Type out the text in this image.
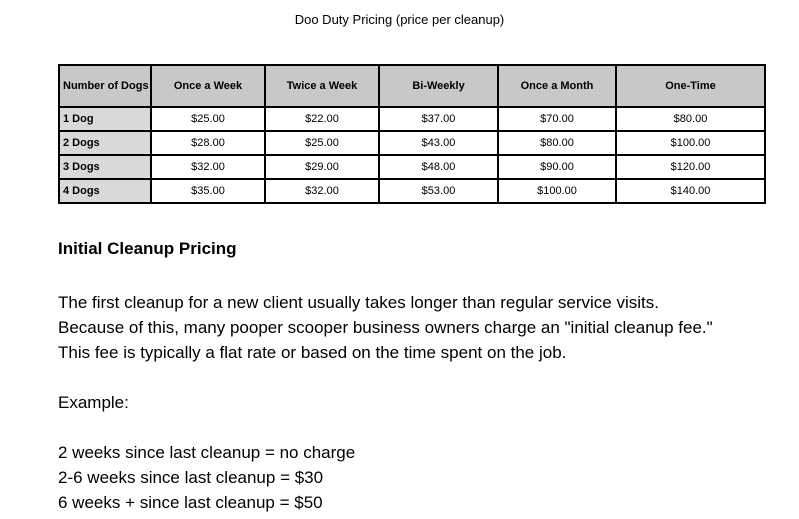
Doo Duty Pricing (price per cleanup)
Number of Dogs	Once a Week	Twice a Week	Bi-Weekly	Once a Month	One-Time
1 Dog	$25.00	$22.00	$37.00	$70.00	$80.00
2 Dogs	$28.00	$25.00	$43.00	$80.00	$100.00
3 Dogs	$32.00	$29.00	$48.00	$90.00	$120.00
4 Dogs	$35.00	$32.00	$53.00	$100.00	$140.00
Initial Cleanup Pricing

The first cleanup for a new client usually takes longer than regular service visits.

Because of this, many pooper scooper business owners charge an "initial cleanup fee."

This fee is typically a flat rate or based on the time spent on the job.

Example:

2 weeks since last cleanup = no charge

2-6 weeks since last cleanup = $30

6 weeks + since last cleanup = $50
